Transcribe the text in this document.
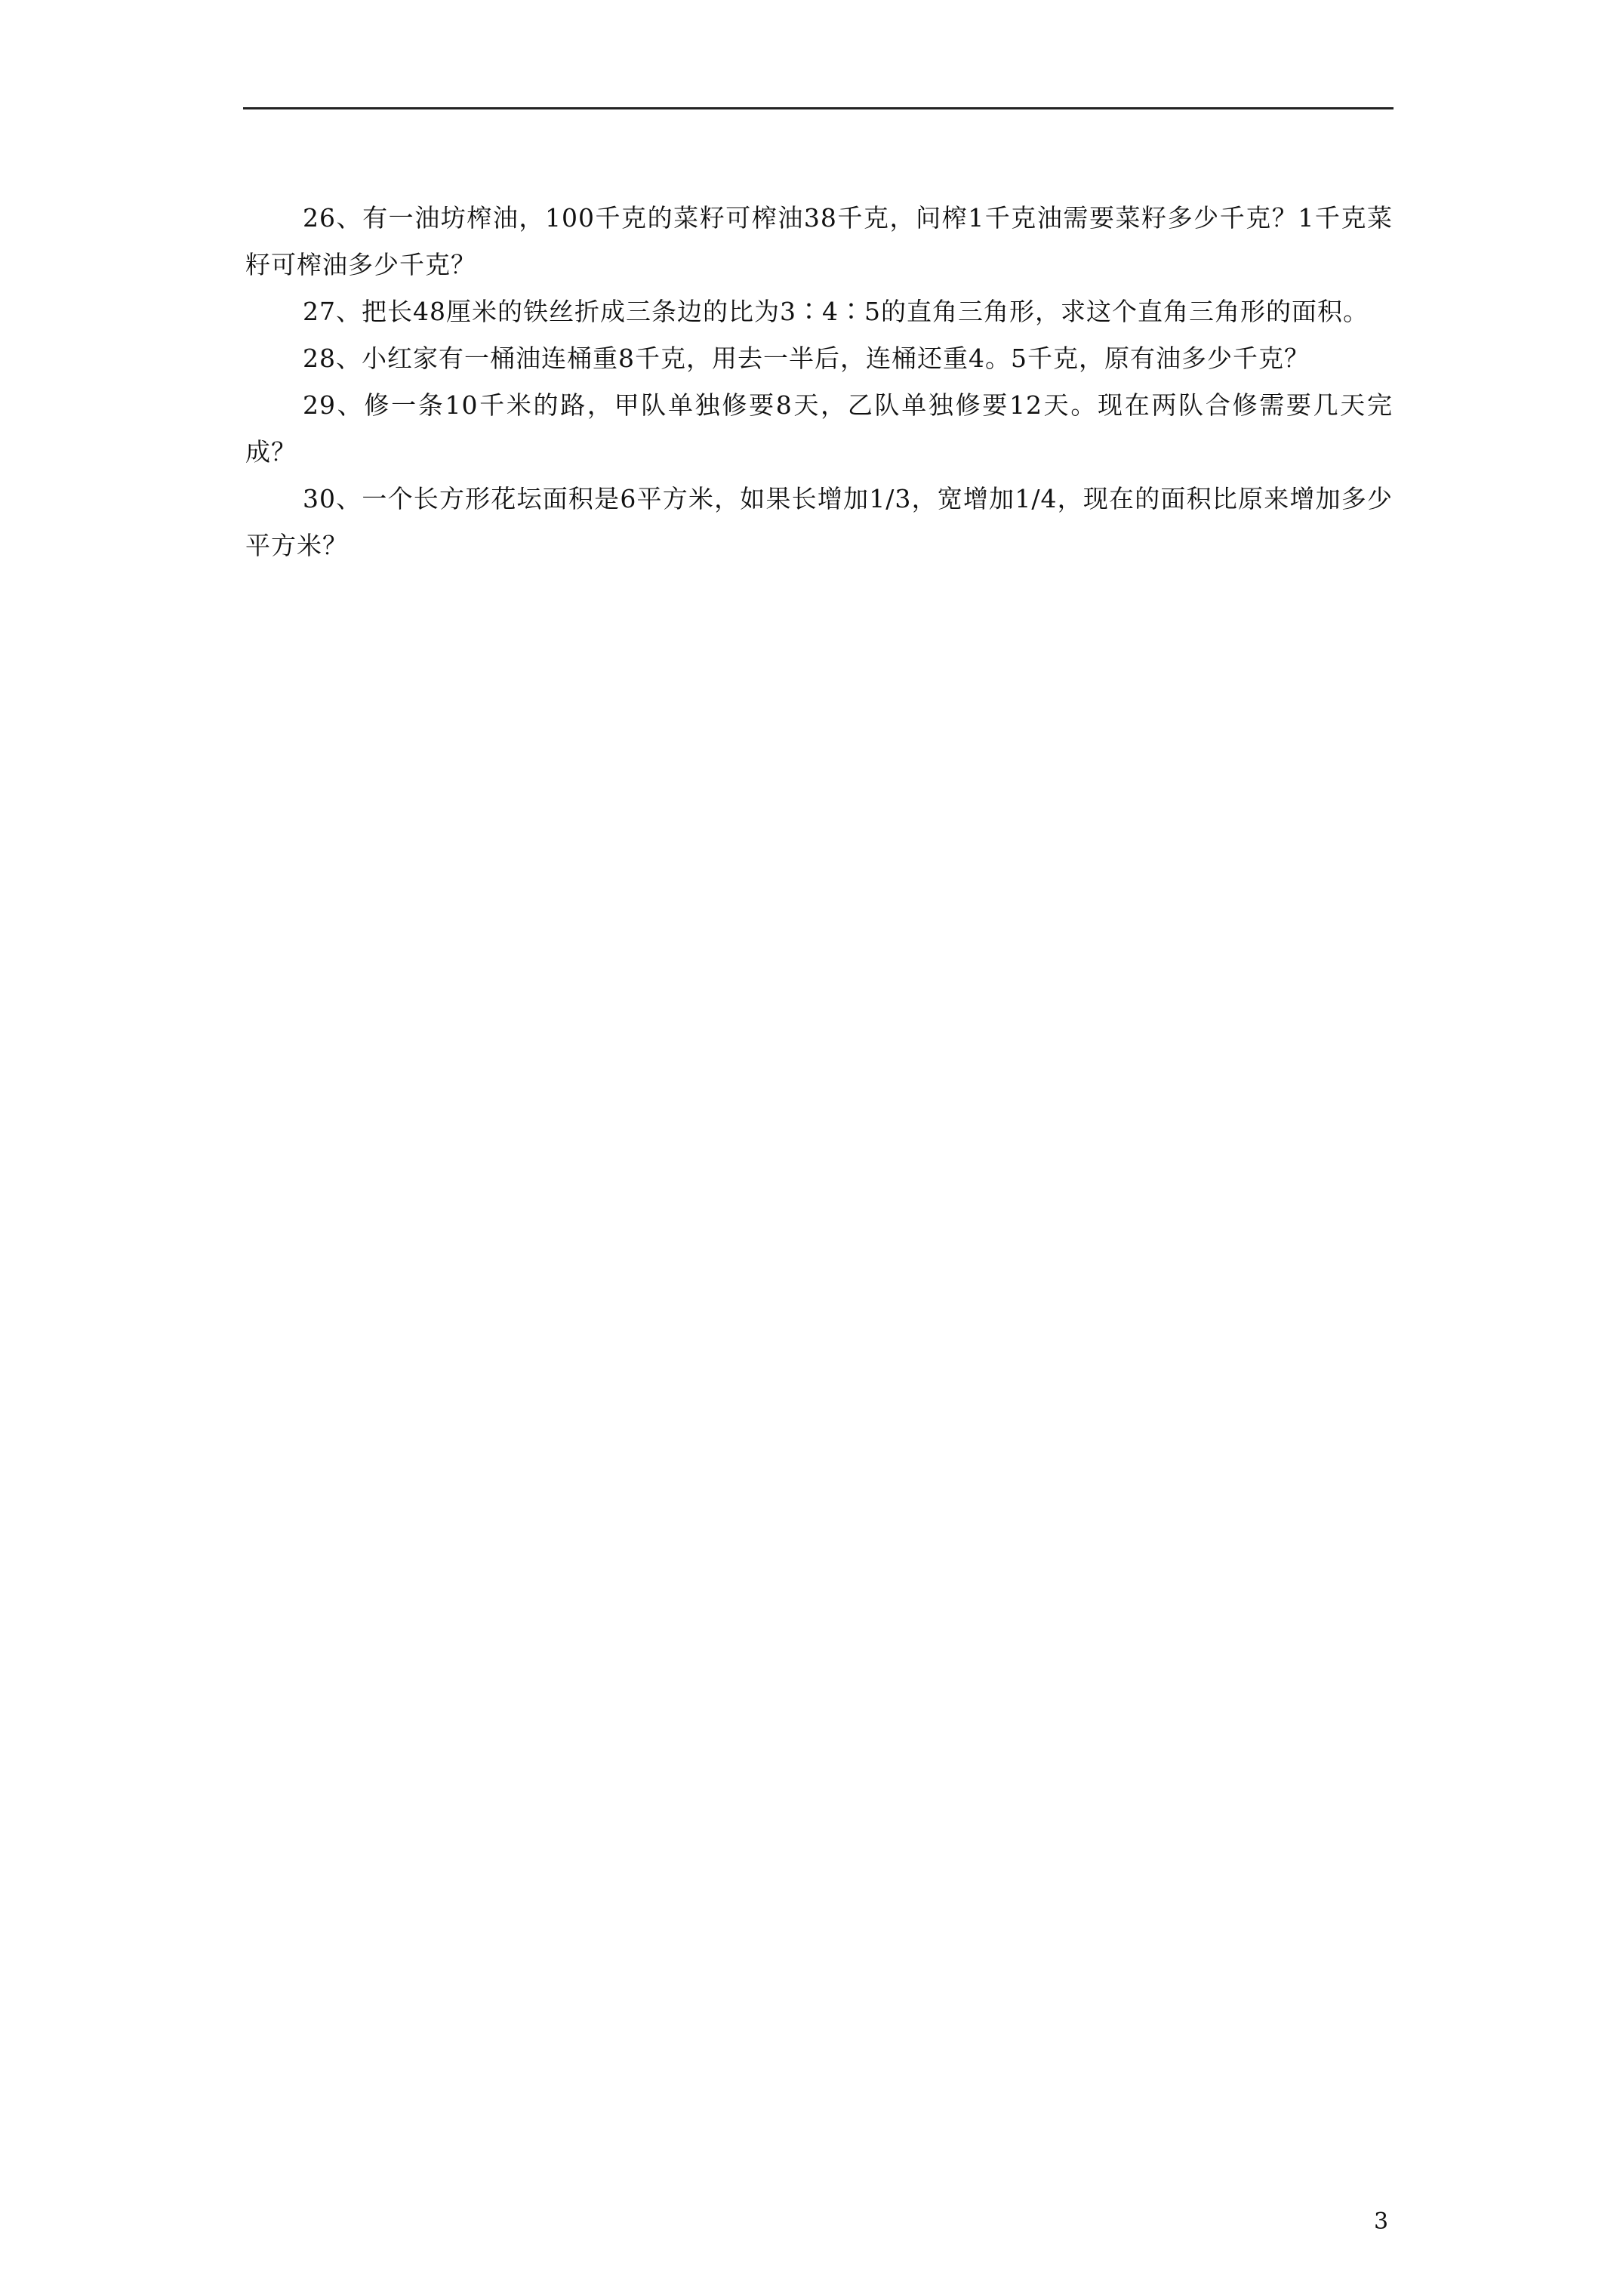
26、有一油坊榨油，100千克的菜籽可榨油38千克，问榨1千克油需要菜籽多少千克？1千克菜籽可榨油多少千克？

27、把长48厘米的铁丝折成三条边的比为3∶4∶5的直角三角形，求这个直角三角形的面积。

28、小红家有一桶油连桶重8千克，用去一半后，连桶还重4。5千克，原有油多少千克？

29、修一条10千米的路，甲队单独修要8天，乙队单独修要12天。现在两队合修需要几天完成？

30、一个长方形花坛面积是6平方米，如果长增加1/3，宽增加1/4，现在的面积比原来增加多少平方米？

3
